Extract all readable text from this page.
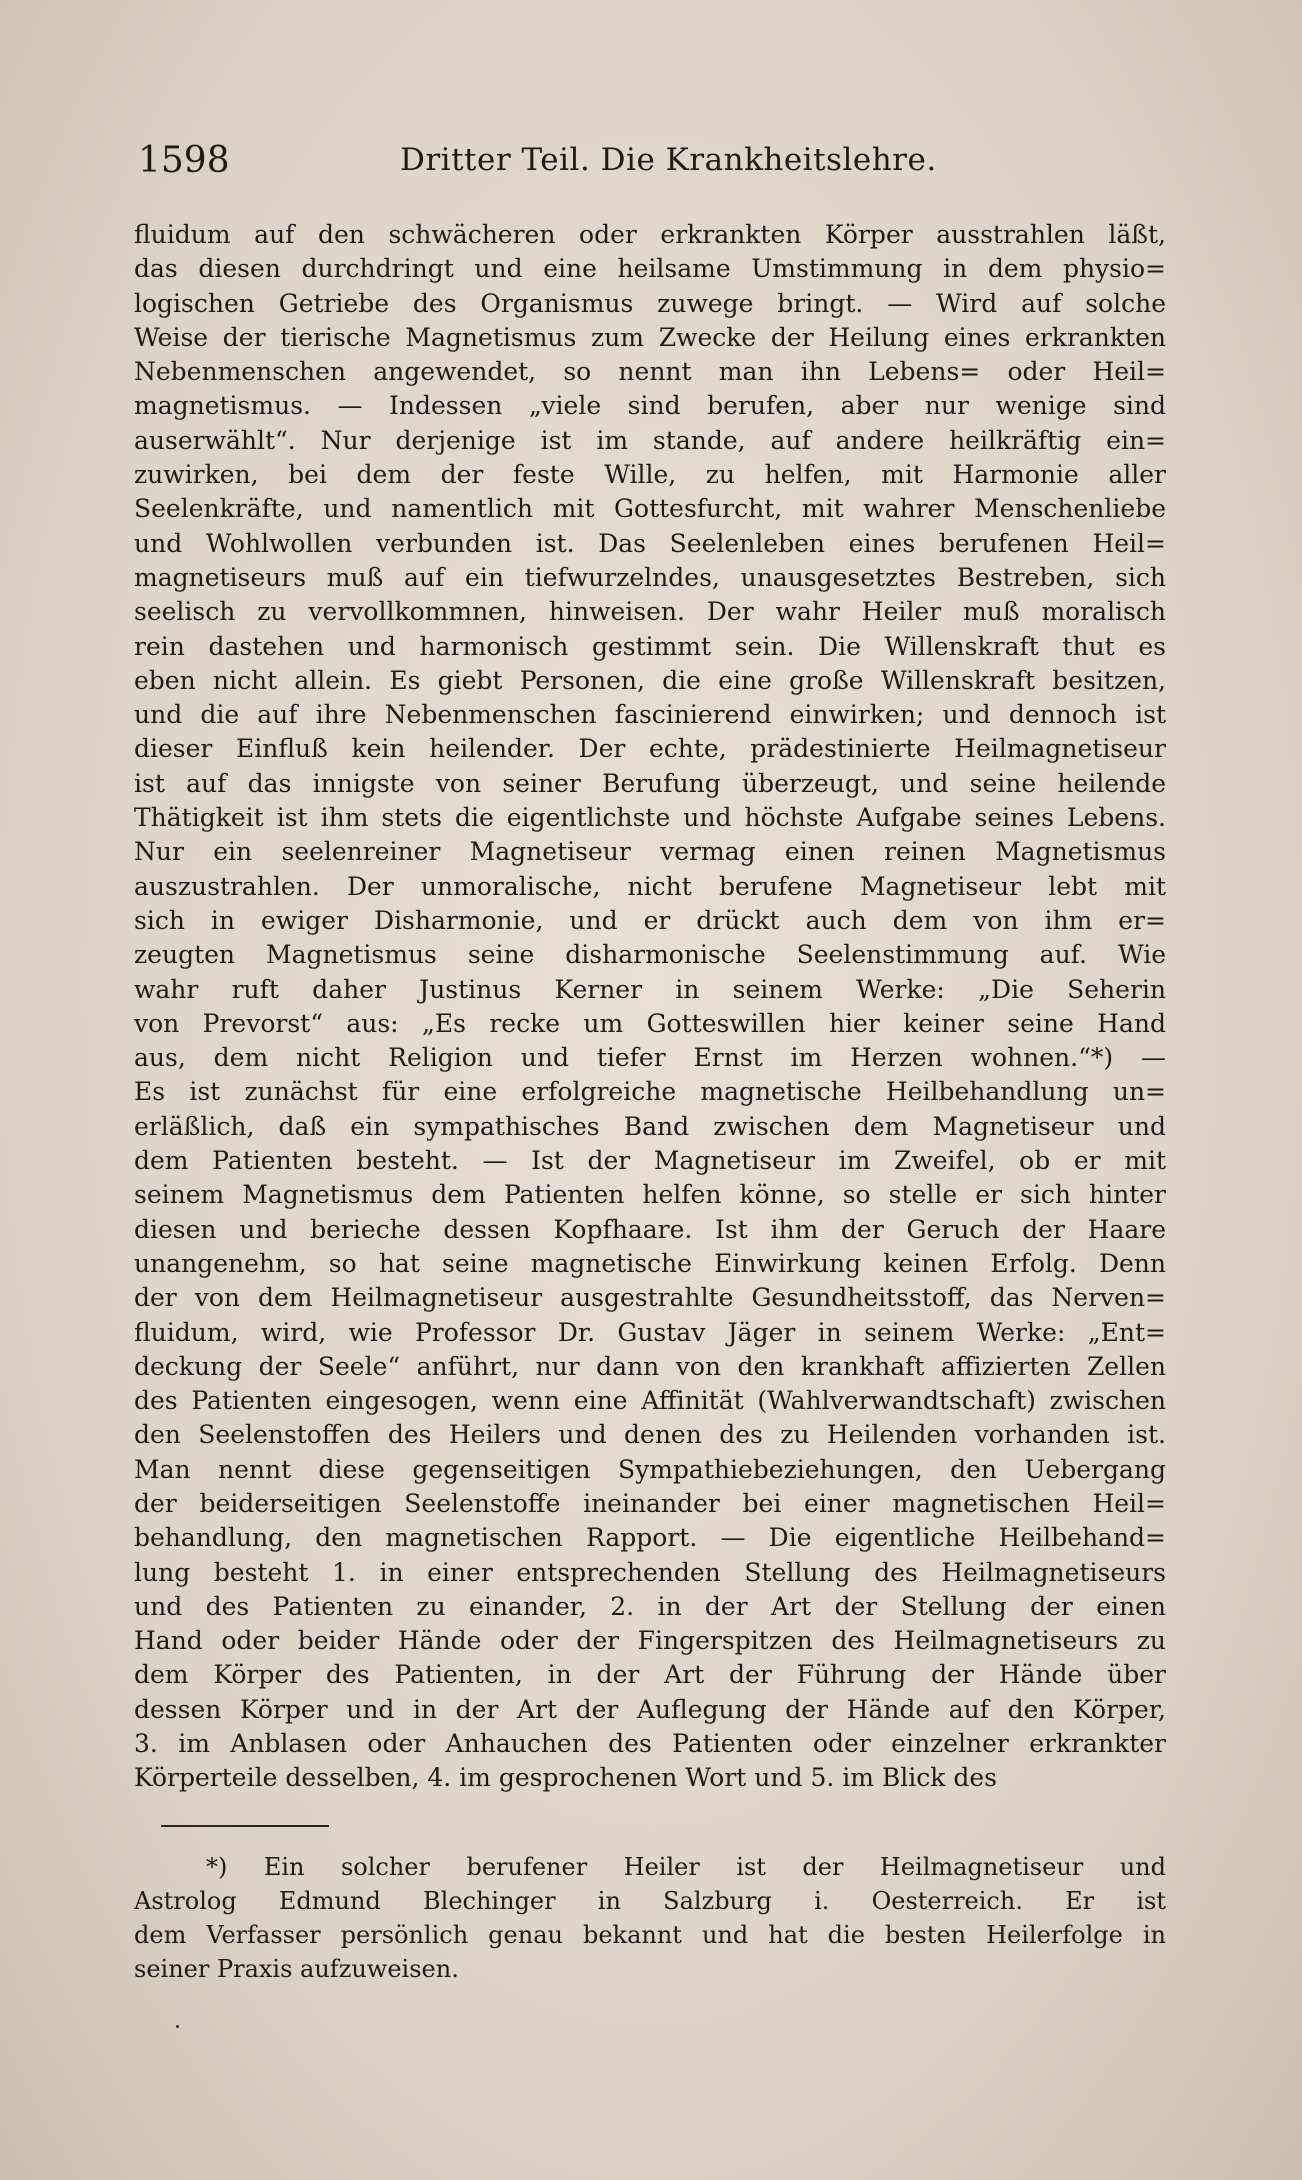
1598	Dritter Teil. Die Krankheitslehre.
fluidum auf den schwächeren oder erkrankten Körper ausstrahlen läßt,
das diesen durchdringt und eine heilsame Umstimmung in dem physio=
logischen Getriebe des Organismus zuwege bringt. — Wird auf solche
Weise der tierische Magnetismus zum Zwecke der Heilung eines erkrankten
Nebenmenschen angewendet, so nennt man ihn Lebens= oder Heil=
magnetismus. — Indessen „viele sind berufen, aber nur wenige sind
auserwählt“. Nur derjenige ist im stande, auf andere heilkräftig ein=
zuwirken, bei dem der feste Wille, zu helfen, mit Harmonie aller
Seelenkräfte, und namentlich mit Gottesfurcht, mit wahrer Menschenliebe
und Wohlwollen verbunden ist. Das Seelenleben eines berufenen Heil=
magnetiseurs muß auf ein tiefwurzelndes, unausgesetztes Bestreben, sich
seelisch zu vervollkommnen, hinweisen. Der wahr Heiler muß moralisch
rein dastehen und harmonisch gestimmt sein. Die Willenskraft thut es
eben nicht allein. Es giebt Personen, die eine große Willenskraft besitzen,
und die auf ihre Nebenmenschen fascinierend einwirken; und dennoch ist
dieser Einfluß kein heilender. Der echte, prädestinierte Heilmagnetiseur
ist auf das innigste von seiner Berufung überzeugt, und seine heilende
Thätigkeit ist ihm stets die eigentlichste und höchste Aufgabe seines Lebens.
Nur ein seelenreiner Magnetiseur vermag einen reinen Magnetismus
auszustrahlen. Der unmoralische, nicht berufene Magnetiseur lebt mit
sich in ewiger Disharmonie, und er drückt auch dem von ihm er=
zeugten Magnetismus seine disharmonische Seelenstimmung auf. Wie
wahr ruft daher Justinus Kerner in seinem Werke: „Die Seherin
von Prevorst“ aus: „Es recke um Gotteswillen hier keiner seine Hand
aus, dem nicht Religion und tiefer Ernst im Herzen wohnen.“*) —
Es ist zunächst für eine erfolgreiche magnetische Heilbehandlung un=
erläßlich, daß ein sympathisches Band zwischen dem Magnetiseur und
dem Patienten besteht. — Ist der Magnetiseur im Zweifel, ob er mit
seinem Magnetismus dem Patienten helfen könne, so stelle er sich hinter
diesen und berieche dessen Kopfhaare. Ist ihm der Geruch der Haare
unangenehm, so hat seine magnetische Einwirkung keinen Erfolg. Denn
der von dem Heilmagnetiseur ausgestrahlte Gesundheitsstoff, das Nerven=
fluidum, wird, wie Professor Dr. Gustav Jäger in seinem Werke: „Ent=
deckung der Seele“ anführt, nur dann von den krankhaft affizierten Zellen
des Patienten eingesogen, wenn eine Affinität (Wahlverwandtschaft) zwischen
den Seelenstoffen des Heilers und denen des zu Heilenden vorhanden ist.
Man nennt diese gegenseitigen Sympathiebeziehungen, den Uebergang
der beiderseitigen Seelenstoffe ineinander bei einer magnetischen Heil=
behandlung, den magnetischen Rapport. — Die eigentliche Heilbehand=
lung besteht 1. in einer entsprechenden Stellung des Heilmagnetiseurs
und des Patienten zu einander, 2. in der Art der Stellung der einen
Hand oder beider Hände oder der Fingerspitzen des Heilmagnetiseurs zu
dem Körper des Patienten, in der Art der Führung der Hände über
dessen Körper und in der Art der Auflegung der Hände auf den Körper,
3. im Anblasen oder Anhauchen des Patienten oder einzelner erkrankter
Körperteile desselben, 4. im gesprochenen Wort und 5. im Blick des
*) Ein solcher berufener Heiler ist der Heilmagnetiseur und
Astrolog Edmund Blechinger in Salzburg i. Oesterreich. Er ist
dem Verfasser persönlich genau bekannt und hat die besten Heilerfolge in
seiner Praxis aufzuweisen.
